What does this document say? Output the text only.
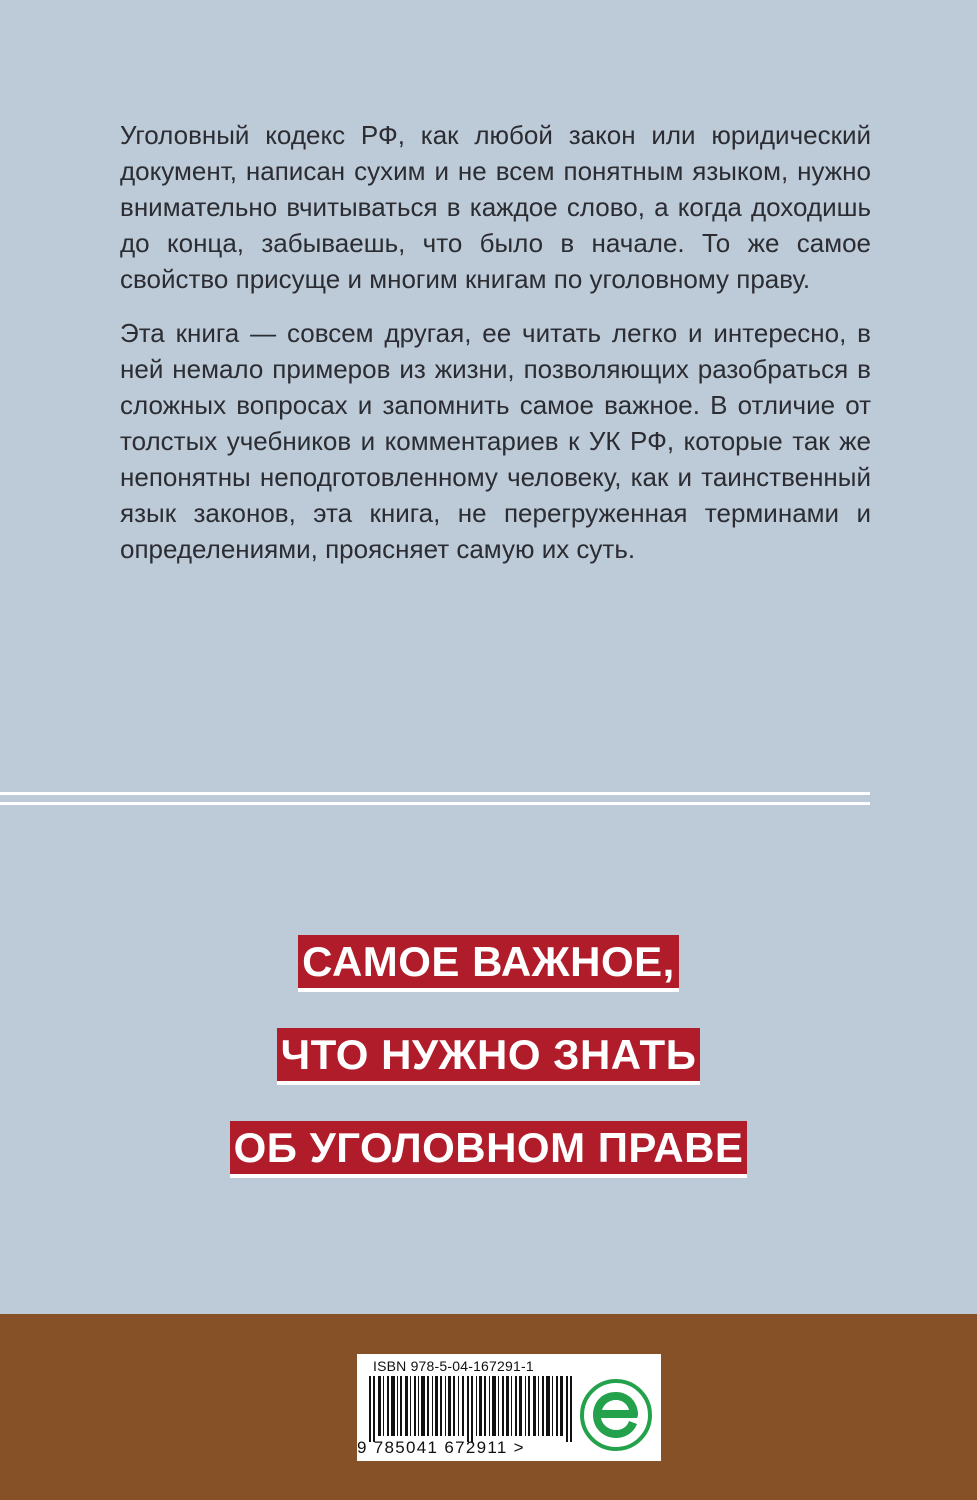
Уголовный кодекс РФ, как любой закон или юридический документ, написан сухим и не всем понятным языком, нужно внимательно вчитываться в каждое слово, а когда доходишь до конца, забываешь, что было в начале. То же самое свойство присуще и многим книгам по уголовному праву.

Эта книга — совсем другая, ее читать легко и интересно, в ней немало примеров из жизни, позволяющих разобраться в сложных вопросах и запомнить самое важное. В отличие от толстых учебников и комментариев к УК РФ, которые так же непонятны неподготовленному человеку, как и таинственный язык законов, эта книга, не перегруженная терминами и определениями, проясняет самую их суть.

САМОЕ ВАЖНОЕ,
ЧТО НУЖНО ЗНАТЬ
ОБ УГОЛОВНОМ ПРАВЕ
ISBN 978-5-04-167291-1
9 785041 672911 >
